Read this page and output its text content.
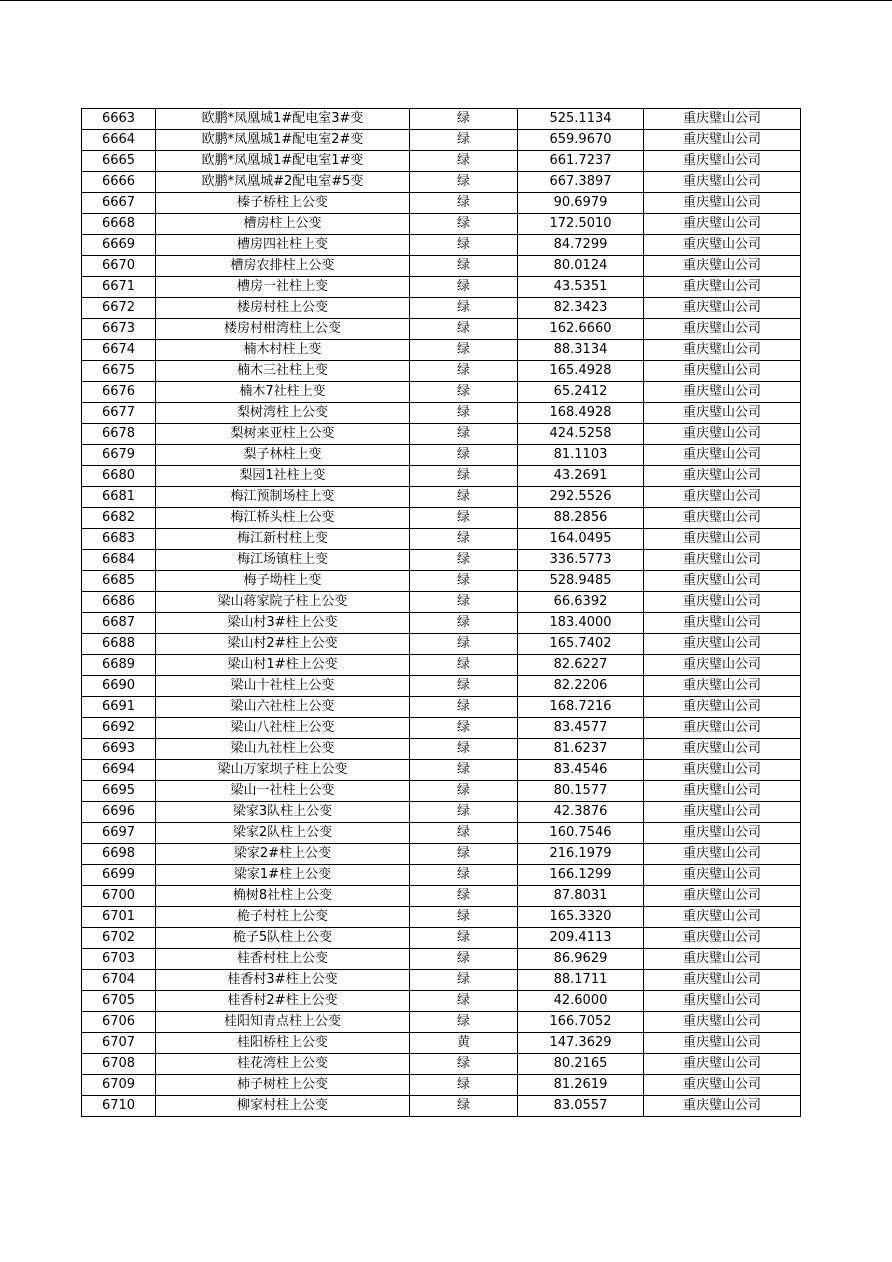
6663	欧鹏*凤凰城1#配电室3#变	绿	525.1134	重庆璧山公司
6664	欧鹏*凤凰城1#配电室2#变	绿	659.9670	重庆璧山公司
6665	欧鹏*凤凰城1#配电室1#变	绿	661.7237	重庆璧山公司
6666	欧鹏*凤凰城#2配电室#5变	绿	667.3897	重庆璧山公司
6667	榛子桥柱上公变	绿	90.6979	重庆璧山公司
6668	槽房柱上公变	绿	172.5010	重庆璧山公司
6669	槽房四社柱上变	绿	84.7299	重庆璧山公司
6670	槽房农排柱上公变	绿	80.0124	重庆璧山公司
6671	槽房一社柱上变	绿	43.5351	重庆璧山公司
6672	楼房村柱上公变	绿	82.3423	重庆璧山公司
6673	楼房村柑湾柱上公变	绿	162.6660	重庆璧山公司
6674	楠木村柱上变	绿	88.3134	重庆璧山公司
6675	楠木三社柱上变	绿	165.4928	重庆璧山公司
6676	楠木7社柱上变	绿	65.2412	重庆璧山公司
6677	梨树湾柱上公变	绿	168.4928	重庆璧山公司
6678	梨树来亚柱上公变	绿	424.5258	重庆璧山公司
6679	梨子林柱上变	绿	81.1103	重庆璧山公司
6680	梨园1社柱上变	绿	43.2691	重庆璧山公司
6681	梅江预制场柱上变	绿	292.5526	重庆璧山公司
6682	梅江桥头柱上公变	绿	88.2856	重庆璧山公司
6683	梅江新村柱上变	绿	164.0495	重庆璧山公司
6684	梅江场镇柱上变	绿	336.5773	重庆璧山公司
6685	梅子坳柱上变	绿	528.9485	重庆璧山公司
6686	梁山蒋家院子柱上公变	绿	66.6392	重庆璧山公司
6687	梁山村3#柱上公变	绿	183.4000	重庆璧山公司
6688	梁山村2#柱上公变	绿	165.7402	重庆璧山公司
6689	梁山村1#柱上公变	绿	82.6227	重庆璧山公司
6690	梁山十社柱上公变	绿	82.2206	重庆璧山公司
6691	梁山六社柱上公变	绿	168.7216	重庆璧山公司
6692	梁山八社柱上公变	绿	83.4577	重庆璧山公司
6693	梁山九社柱上公变	绿	81.6237	重庆璧山公司
6694	梁山万家坝子柱上公变	绿	83.4546	重庆璧山公司
6695	梁山一社柱上公变	绿	80.1577	重庆璧山公司
6696	梁家3队柱上公变	绿	42.3876	重庆璧山公司
6697	梁家2队柱上公变	绿	160.7546	重庆璧山公司
6698	梁家2#柱上公变	绿	216.1979	重庆璧山公司
6699	梁家1#柱上公变	绿	166.1299	重庆璧山公司
6700	桷树8社柱上公变	绿	87.8031	重庆璧山公司
6701	桅子村柱上公变	绿	165.3320	重庆璧山公司
6702	桅子5队柱上公变	绿	209.4113	重庆璧山公司
6703	桂香村柱上公变	绿	86.9629	重庆璧山公司
6704	桂香村3#柱上公变	绿	88.1711	重庆璧山公司
6705	桂香村2#柱上公变	绿	42.6000	重庆璧山公司
6706	桂阳知青点柱上公变	绿	166.7052	重庆璧山公司
6707	桂阳桥柱上公变	黄	147.3629	重庆璧山公司
6708	桂花湾柱上公变	绿	80.2165	重庆璧山公司
6709	柿子树柱上公变	绿	81.2619	重庆璧山公司
6710	柳家村柱上公变	绿	83.0557	重庆璧山公司
